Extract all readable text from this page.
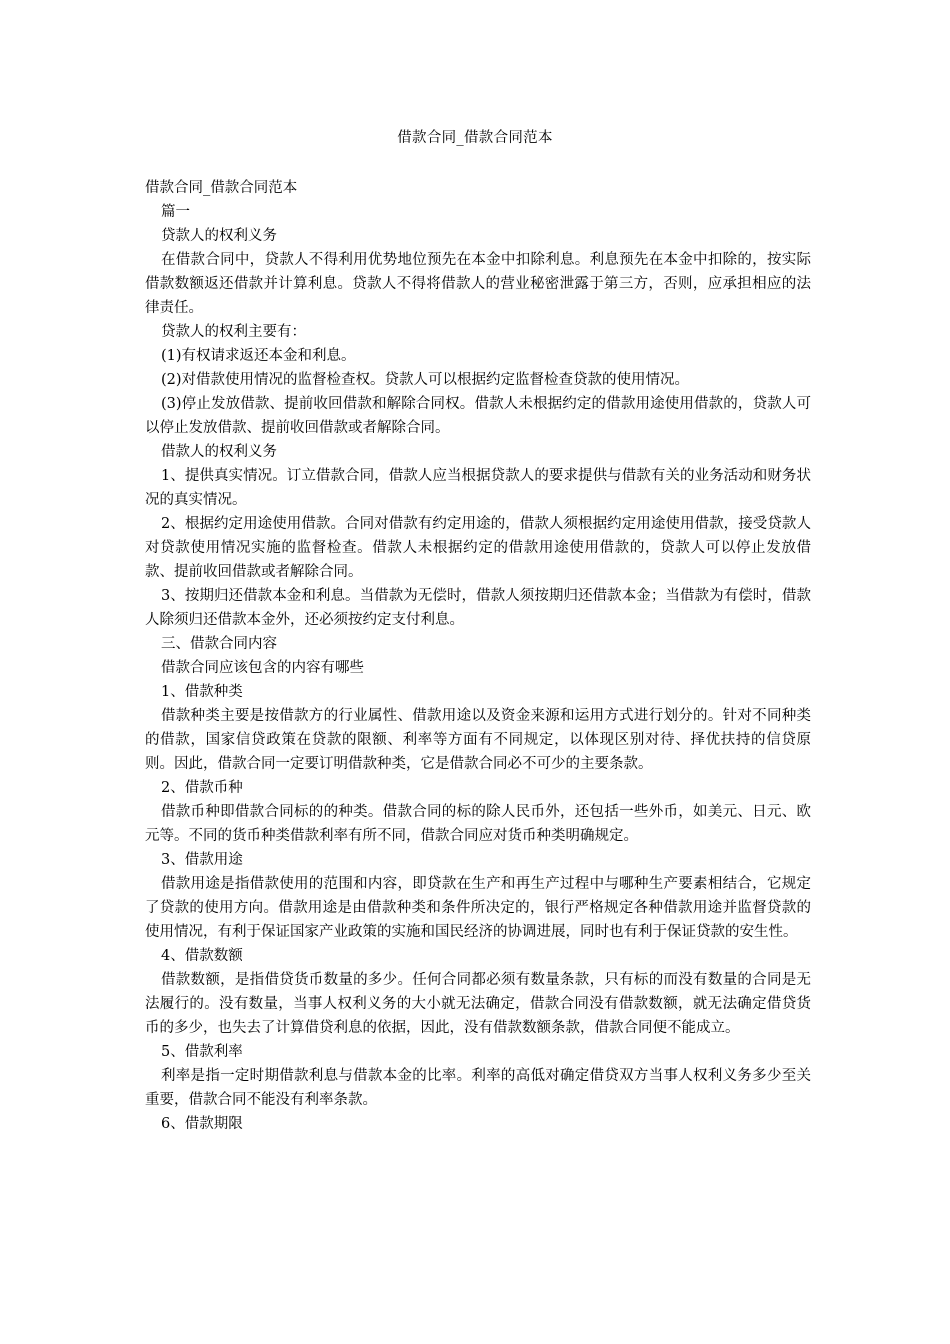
借款合同_借款合同范本

借款合同_借款合同范本

篇一

贷款人的权利义务

在借款合同中，贷款人不得利用优势地位预先在本金中扣除利息。利息预先在本金中扣除的，按实际借款数额返还借款并计算利息。贷款人不得将借款人的营业秘密泄露于第三方，否则，应承担相应的法律责任。

贷款人的权利主要有：

(1)有权请求返还本金和利息。

(2)对借款使用情况的监督检查权。贷款人可以根据约定监督检查贷款的使用情况。

(3)停止发放借款、提前收回借款和解除合同权。借款人未根据约定的借款用途使用借款的，贷款人可以停止发放借款、提前收回借款或者解除合同。

借款人的权利义务

1、提供真实情况。订立借款合同，借款人应当根据贷款人的要求提供与借款有关的业务活动和财务状况的真实情况。

2、根据约定用途使用借款。合同对借款有约定用途的，借款人须根据约定用途使用借款，接受贷款人对贷款使用情况实施的监督检查。借款人未根据约定的借款用途使用借款的，贷款人可以停止发放借款、提前收回借款或者解除合同。

3、按期归还借款本金和利息。当借款为无偿时，借款人须按期归还借款本金；当借款为有偿时，借款人除须归还借款本金外，还必须按约定支付利息。

三、借款合同内容

借款合同应该包含的内容有哪些

1、借款种类

借款种类主要是按借款方的行业属性、借款用途以及资金来源和运用方式进行划分的。针对不同种类的借款，国家信贷政策在贷款的限额、利率等方面有不同规定，以体现区别对待、择优扶持的信贷原则。因此，借款合同一定要订明借款种类，它是借款合同必不可少的主要条款。

2、借款币种

借款币种即借款合同标的的种类。借款合同的标的除人民币外，还包括一些外币，如美元、日元、欧元等。不同的货币种类借款利率有所不同，借款合同应对货币种类明确规定。

3、借款用途

借款用途是指借款使用的范围和内容，即贷款在生产和再生产过程中与哪种生产要素相结合，它规定了贷款的使用方向。借款用途是由借款种类和条件所决定的，银行严格规定各种借款用途并监督贷款的使用情况，有利于保证国家产业政策的实施和国民经济的协调进展，同时也有利于保证贷款的安生性。

4、借款数额

借款数额，是指借贷货币数量的多少。任何合同都必须有数量条款，只有标的而没有数量的合同是无法履行的。没有数量，当事人权利义务的大小就无法确定，借款合同没有借款数额，就无法确定借贷货币的多少，也失去了计算借贷利息的依据，因此，没有借款数额条款，借款合同便不能成立。

5、借款利率

利率是指一定时期借款利息与借款本金的比率。利率的高低对确定借贷双方当事人权利义务多少至关重要，借款合同不能没有利率条款。

6、借款期限
